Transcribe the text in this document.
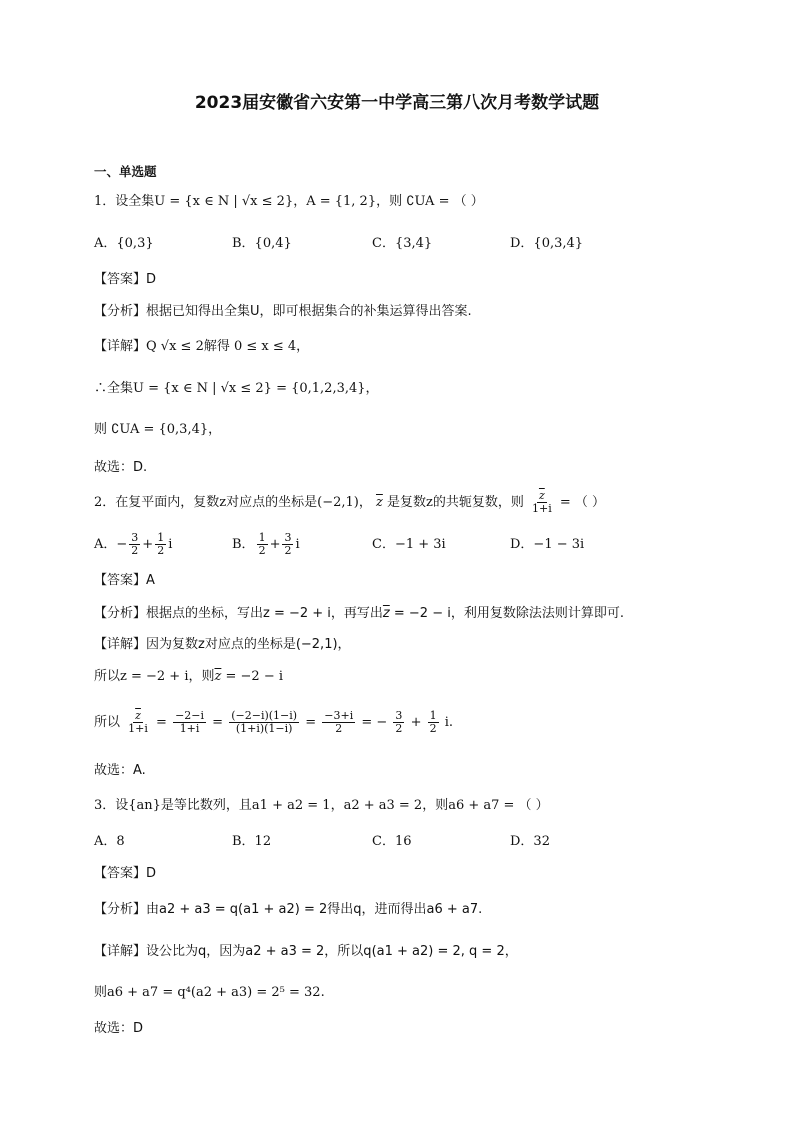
2023届安徽省六安第一中学高三第八次月考数学试题
一、单选题
1．设全集U = {x ∈ N | √x ≤ 2}，A = {1, 2}，则 ∁UA = （ ）
A．{0,3}	B．{0,4}	C．{3,4}	D．{0,3,4}
【答案】D
【分析】根据已知得出全集U，即可根据集合的补集运算得出答案.
【详解】Q √x ≤ 2解得 0 ≤ x ≤ 4，
∴全集U = {x ∈ N | √x ≤ 2} = {0,1,2,3,4}，
则 ∁UA = {0,3,4}，
故选：D.
2．在复平面内，复数z对应点的坐标是(−2,1)， $\overline{z}$ 是复数z的共轭复数，则 $\frac{\overline{z}}{1+i}$ = （ ）
A．− $\frac{3}{2} + \frac{1}{2}$ i	B． $\frac{1}{2} + \frac{3}{2}$ i	C．−1 + 3i	D．−1 − 3i
【答案】A
【分析】根据点的坐标，写出z = −2 + i，再写出$\overline{z} = -2 - i$，利用复数除法法则计算即可.
【详解】因为复数z对应点的坐标是(−2,1)，
所以z = −2 + i，则$\overline{z} = -2 - i$
所以 $\frac{\overline{z}}{1+i} = \frac{-2-i}{1+i} = \frac{(-2-i)(1-i)}{(1+i)(1-i)} = \frac{-3+i}{2}$ = − $\frac{3}{2} + \frac{1}{2} i$.
故选：A.
3．设{an}是等比数列，且a1 + a2 = 1，a2 + a3 = 2，则a6 + a7 = （ ）
A．8	B．12	C．16	D．32
【答案】D
【分析】由a2 + a3 = q(a1 + a2) = 2得出q，进而得出a6 + a7.
【详解】设公比为q，因为a2 + a3 = 2，所以q(a1 + a2) = 2, q = 2，
则a6 + a7 = q⁴(a2 + a3) = 2⁵ = 32.
故选：D
